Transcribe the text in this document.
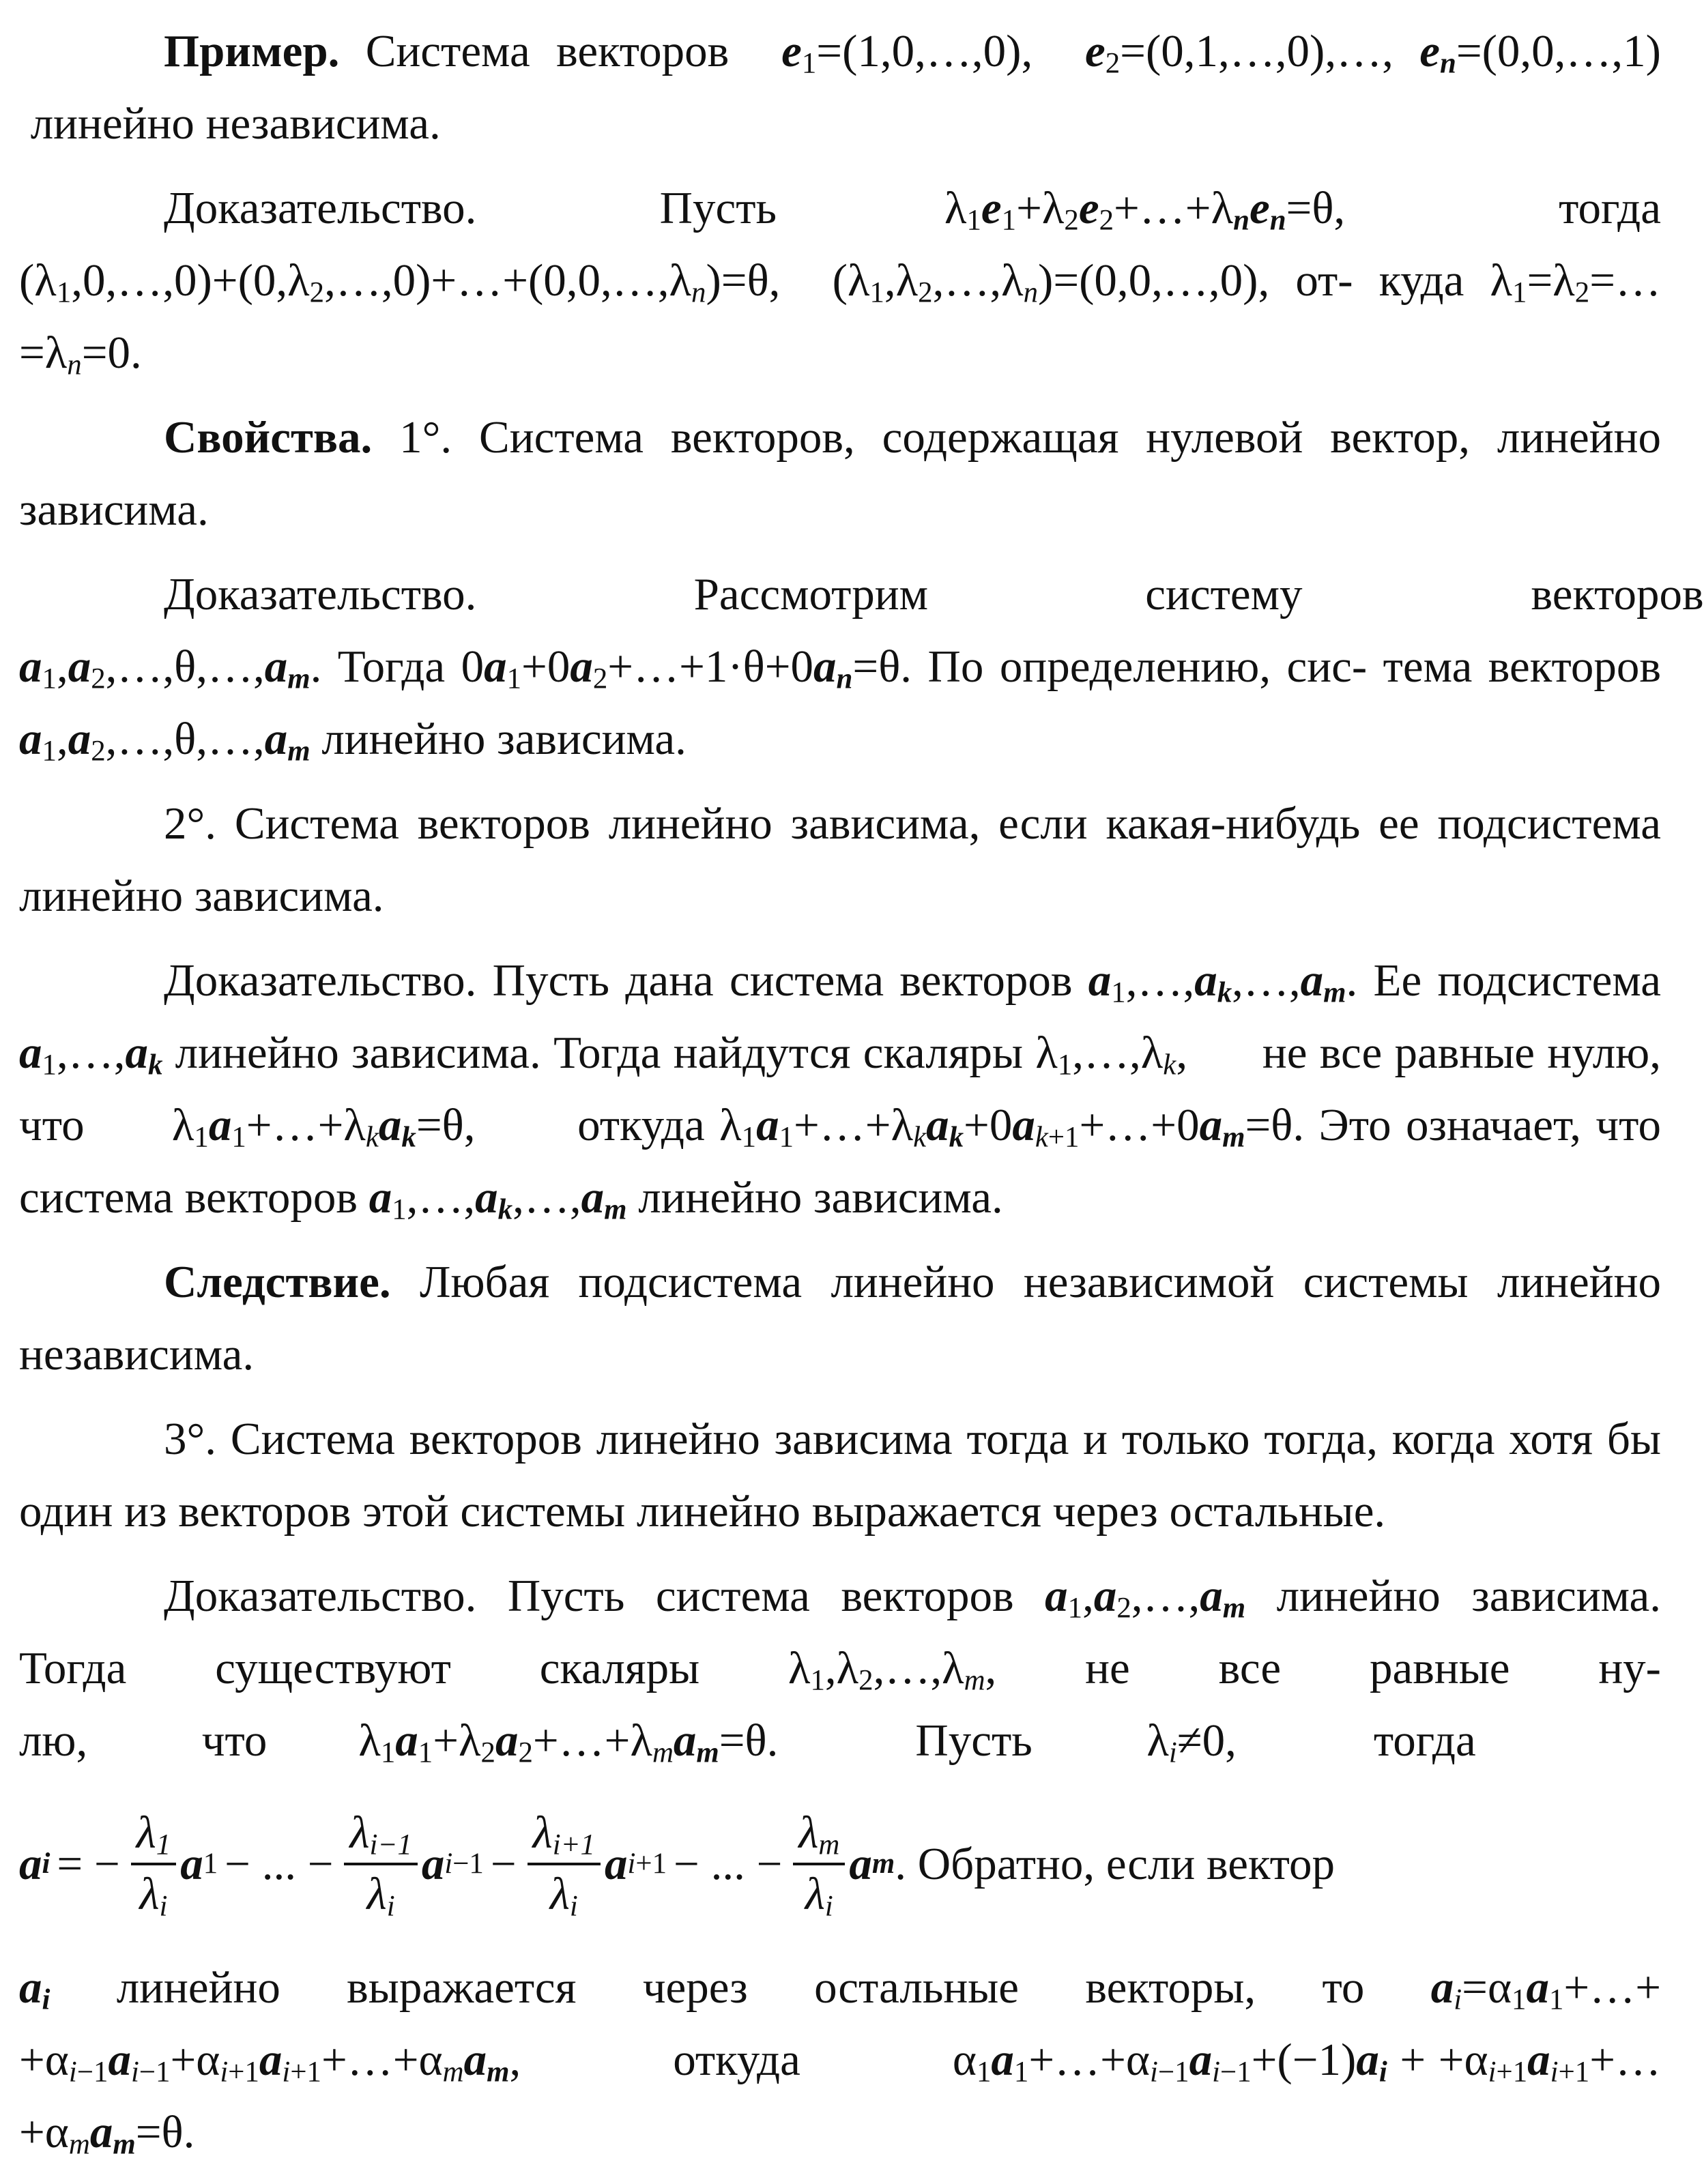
Пример. Система векторов  $e_1=(1,0,\dots,0)$,  $e_2=(0,1,\dots,0),\dots$, $e_n=(0,0,\dots,1)$  линейно независима.

Доказательство.	Пусть           $\lambda_1e_1+\lambda_2e_2+\dots+\lambda_ne_n=\theta$,              тогда $(\lambda_1,0,\dots,0)+(0,\lambda_2,\dots,0)+\dots+(0,0,\dots,\lambda_n)=\theta$,  $(\lambda_1,\lambda_2,\dots,\lambda_n)=(0,0,\dots,0)$, от- куда $\lambda_1=\lambda_2=\dots=\lambda_n=0$.

Свойства. 1°. Система векторов, содержащая нулевой вектор, линейно зависима.

Доказательство.	Рассмотрим	систему	векторов $a_1,a_2,\dots,\theta,\dots,a_m$. Тогда $0a_1+0a_2+\dots+1\cdot\theta+0a_n=\theta$. По определению, сис- тема векторов $a_1,a_2,\dots,\theta,\dots,a_m$ линейно зависима.

2°. Система векторов линейно зависима, если какая-нибудь ее подсистема линейно зависима.

Доказательство. Пусть дана система векторов $a_1,\dots,a_k,\dots,a_m$. Ее подсистема $a_1,\dots,a_k$ линейно зависима. Тогда найдутся скаляры $\lambda_1,\dots,\lambda_k$,      не все равные нулю, что      $\lambda_1a_1+\dots+\lambda_ka_k=\theta$,       откуда $\lambda_1a_1+\dots+\lambda_ka_k+0a_{k+1}+\dots+0a_m=\theta$. Это означает, что система векторов $a_1,\dots,a_k,\dots,a_m$ линейно зависима.

Следствие. Любая подсистема линейно независимой системы линейно независима.

3°. Система векторов линейно зависима тогда и только тогда, когда хотя бы один из векторов этой системы линейно выражается через остальные.

Доказательство. Пусть система векторов $a_1,a_2,\dots,a_m$ линейно зависима. Тогда существуют скаляры $\lambda_1,\lambda_2,\dots,\lambda_m$, не все равные ну- лю,	что        $\lambda_1a_1+\lambda_2a_2+\dots+\lambda_ma_m=\theta$.            Пусть          $\lambda_i\ne 0$,            тогда

a i = − $\frac{\lambda_1}{\lambda_i}$ a 1 − ... − $\frac{\lambda_{i-1}}{\lambda_i}$ a $i -1 - \frac{\lambda_{i+1}}{\lambda_i}$ a i +1 − ... − $\frac{\lambda_m}{\lambda_i}$ a m . Обратно, если вектор

$a_i$ линейно выражается через остальные векторы, то $a_i=\alpha_1a_1+\dots+$ $+\alpha_{i-1}a_{i-1}+\alpha_{i+1}a_{i+1}+\dots+\alpha_ma_m$,            откуда            $\alpha_1a_1+\dots+\alpha_{i-1}a_{i-1}+(-1)a_i$ + $+\alpha_{i+1}a_{i+1}+\dots+\alpha_ma_m=\theta$.
